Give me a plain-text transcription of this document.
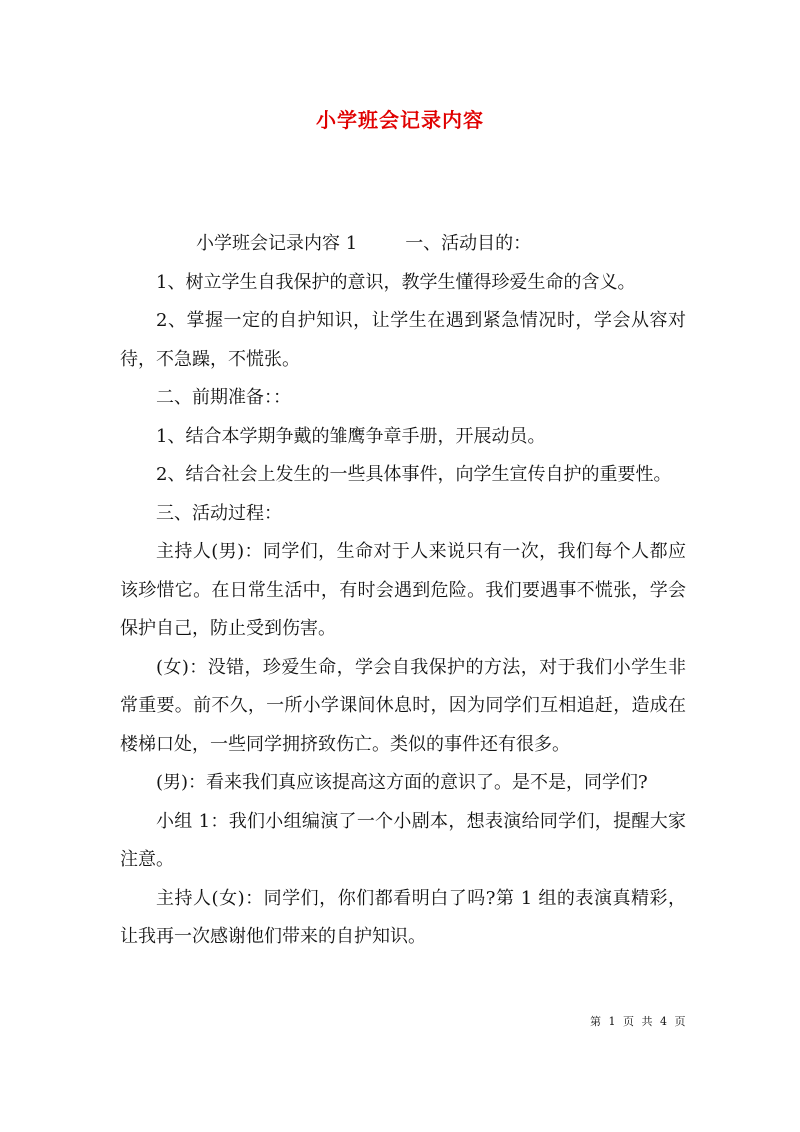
小学班会记录内容

小学班会记录内容 1	一、活动目的：

1、树立学生自我保护的意识，教学生懂得珍爱生命的含义。

2、掌握一定的自护知识，让学生在遇到紧急情况时，学会从容对待，不急躁，不慌张。

二、前期准备：：

1、结合本学期争戴的雏鹰争章手册，开展动员。

2、结合社会上发生的一些具体事件，向学生宣传自护的重要性。

三、活动过程：

主持人(男)：同学们，生命对于人来说只有一次，我们每个人都应该珍惜它。在日常生活中，有时会遇到危险。我们要遇事不慌张，学会保护自己，防止受到伤害。

(女)：没错，珍爱生命，学会自我保护的方法，对于我们小学生非常重要。前不久，一所小学课间休息时，因为同学们互相追赶，造成在楼梯口处，一些同学拥挤致伤亡。类似的事件还有很多。

(男)：看来我们真应该提高这方面的意识了。是不是，同学们?

小组 1：我们小组编演了一个小剧本，想表演给同学们，提醒大家注意。

主持人(女)：同学们，你们都看明白了吗?第 1 组的表演真精彩，让我再一次感谢他们带来的自护知识。

第 1 页 共 4 页
